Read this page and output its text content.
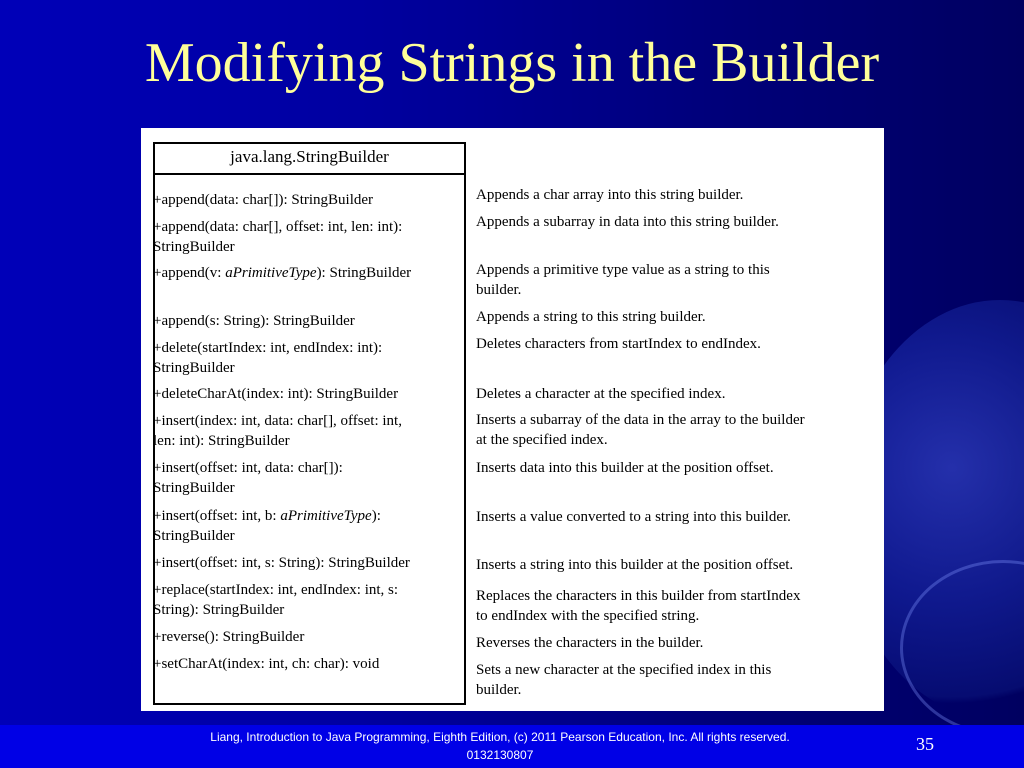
Modifying Strings in the Builder
java.lang.StringBuilder
+append(data: char[]): StringBuilder
+append(data: char[], offset: int, len: int):
StringBuilder
+append(v: aPrimitiveType): StringBuilder
+append(s: String): StringBuilder
+delete(startIndex: int, endIndex: int):
StringBuilder
+deleteCharAt(index: int): StringBuilder
+insert(index: int, data: char[], offset: int,
len: int): StringBuilder
+insert(offset: int, data: char[]):
StringBuilder
+insert(offset: int, b: aPrimitiveType):
StringBuilder
+insert(offset: int, s: String): StringBuilder
+replace(startIndex: int, endIndex: int, s:
String): StringBuilder
+reverse(): StringBuilder
+setCharAt(index: int, ch: char): void
Appends a char array into this string builder.
Appends a subarray in data into this string builder.
Appends a primitive type value as a string to this
builder.
Appends a string to this string builder.
Deletes characters from startIndex to endIndex.
Deletes a character at the specified index.
Inserts a subarray of the data in the array to the builder
at the specified index.
Inserts data into this builder at the position offset.
Inserts a value converted to a string into this builder.
Inserts a string into this builder at the position offset.
Replaces the characters in this builder from startIndex
to endIndex with the specified string.
Reverses the characters in the builder.
Sets a new character at the specified index in this
builder.
Liang, Introduction to Java Programming, Eighth Edition, (c) 2011 Pearson Education, Inc. All rights reserved. 0132130807
35
